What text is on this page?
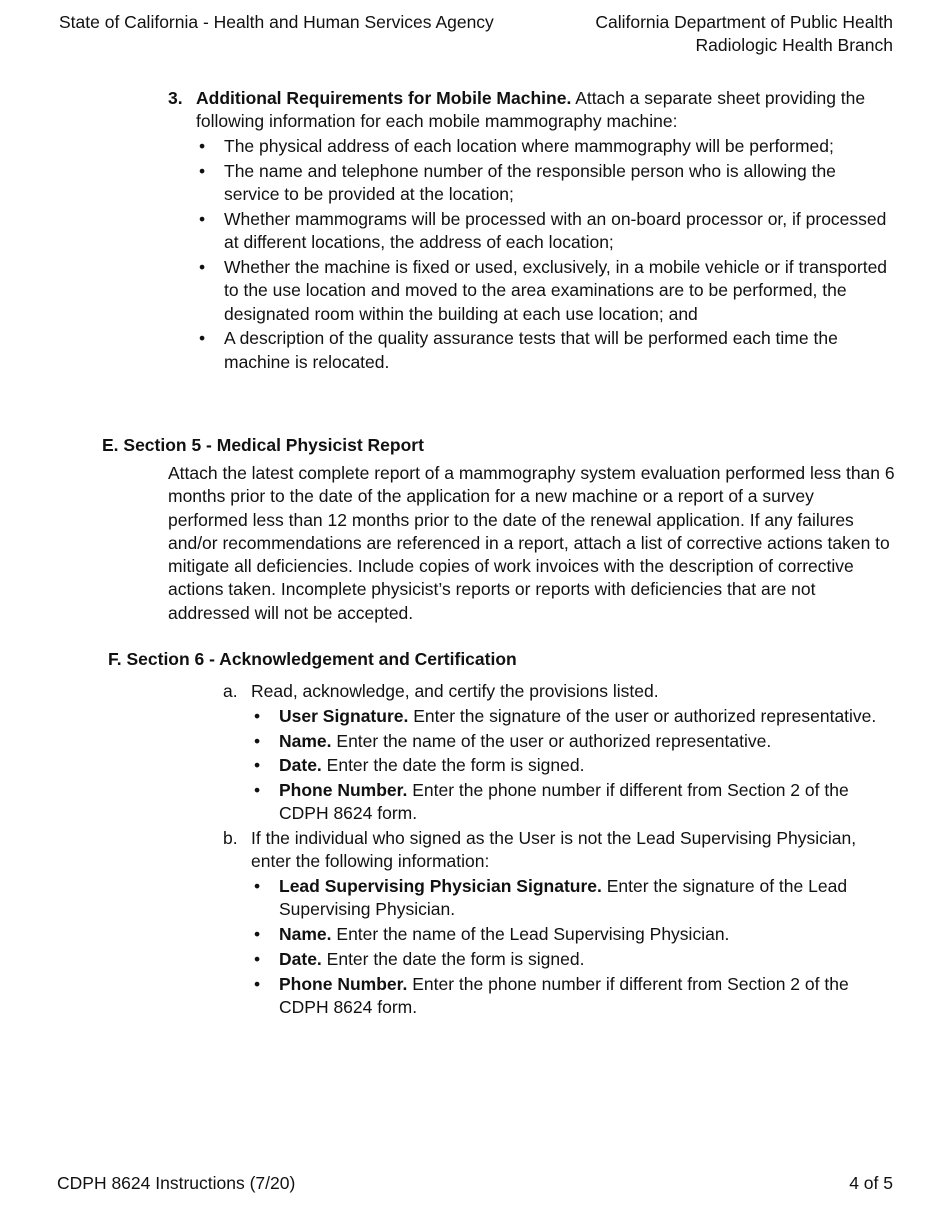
State of California - Health and Human Services Agency	California Department of Public Health
Radiologic Health Branch
3. Additional Requirements for Mobile Machine. Attach a separate sheet providing the following information for each mobile mammography machine:
• The physical address of each location where mammography will be performed;
• The name and telephone number of the responsible person who is allowing the service to be provided at the location;
• Whether mammograms will be processed with an on-board processor or, if processed at different locations, the address of each location;
• Whether the machine is fixed or used, exclusively, in a mobile vehicle or if transported to the use location and moved to the area examinations are to be performed, the designated room within the building at each use location; and
• A description of the quality assurance tests that will be performed each time the machine is relocated.
E. Section 5 - Medical Physicist Report
Attach the latest complete report of a mammography system evaluation performed less than 6 months prior to the date of the application for a new machine or a report of a survey performed less than 12 months prior to the date of the renewal application. If any failures and/or recommendations are referenced in a report, attach a list of corrective actions taken to mitigate all deficiencies. Include copies of work invoices with the description of corrective actions taken. Incomplete physicist’s reports or reports with deficiencies that are not addressed will not be accepted.
F. Section 6 - Acknowledgement and Certification
a. Read, acknowledge, and certify the provisions listed.
• User Signature. Enter the signature of the user or authorized representative.
• Name. Enter the name of the user or authorized representative.
• Date. Enter the date the form is signed.
• Phone Number. Enter the phone number if different from Section 2 of the CDPH 8624 form.
b. If the individual who signed as the User is not the Lead Supervising Physician, enter the following information:
• Lead Supervising Physician Signature. Enter the signature of the Lead Supervising Physician.
• Name. Enter the name of the Lead Supervising Physician.
• Date. Enter the date the form is signed.
• Phone Number. Enter the phone number if different from Section 2 of the CDPH 8624 form.
CDPH 8624 Instructions (7/20)	4 of 5
